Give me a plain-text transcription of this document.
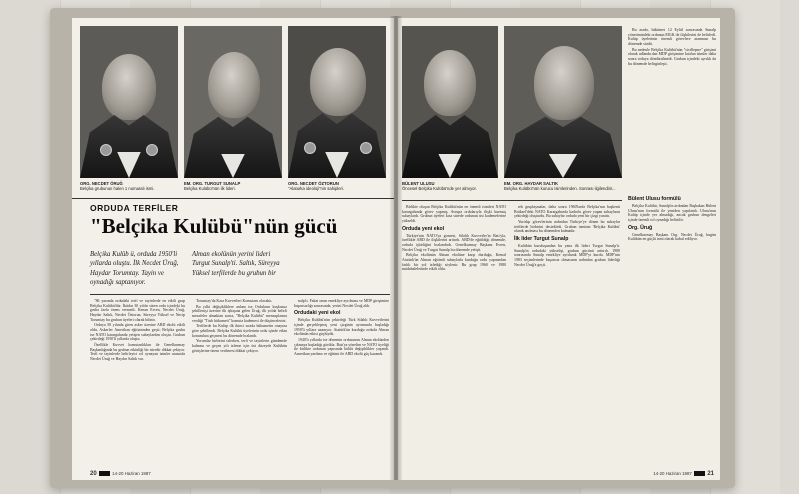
ORG. NECDET ÖRUĞ
Belçika grubunun halen 1 numaralı ismi.
EM. ORG. TURGUT SUNALP
Belçika Kulübü'nün ilk lideri.
ORG. NECDET ÖZTORUN
"Alaturka ideoloji"nin sahipleri.
ORDUDA TERFİLER
"Belçika Kulübü"nün gücü
Belçika Kulüb ü, orduda 1950'li yıllarda oluştu. İlk Necdet Üruğ, Haydar Torumtay. Tayin ve oynadığı saptanıyor.
Alman ekolünün yerini lideri Turgut Sunalp'ti. Saltık, Süreyya Yüksel terfilerde bu grubun bir

"86 yazında ordudaki terfi ve tayinlerde en etkili grup Belçika Kulübü'dür. İktidar 30 yıldır süren ordu içindeki bu gruba fazla önem vermedi. Kenan Evren, Necdet Üruğ, Haydar Saltık, Necdet Öztorun, Süreyya Yüksel ve Necip Torumtay bu grubun üyeleri olarak bilinir.

Orduya 50 yılında giren asker üzerine ABD ekolü etkili oldu. Askerler Amerikan eğitiminden geçti; Belçika grubu ise NATO karargahında yetişen subaylardan oluştu. Grubun çekirdeği 1950'li yıllarda oluştu.

Özellikle Kuvvet komutanlıkları ile Genelkurmay Başkanlığında bu grubun etkinliği bir süredir dikkat çekiyor. Terfi ve tayinlerde belirleyici rol oynayan isimler arasında Necdet Üruğ ve Haydar Saltık var.

Torumtay'da Kara Kuvvetleri Komutanı olacaktı.

Bu yılki değişikliklere anlam ise Orduların kuşkusuz şekillenişi üzerine ilk işbaşına gelen Üruğ, ilk yolda belirli mesafeler almaktan sonra, "Belçika Kulübü" mensuplarına verdiği "Türk hükumeti" komuta kademesi ile düşüncelerini.

Terfilerde bu Kulüp ilk ikinci sırada hükumetin onayına göre şekillendi. Belçika Kulübü üyelerinin ordu içinde etkin konumlara geçmesi bu dönemde hızlandı.

Yorumlar birbirini izlerken, terfi ve tayinlerin gündemde kalması ve geçen yılı izleme için üst düzeyde Kulübün görüşlerine önem verilmesi dikkat çekiyor.

nalp'ti. Fakat onun emekliye ayrılması ve MDP girişimine başarısızlığı sonrasında, yerini Necdet Üruğ aldı.

Ordudaki yeni ekol

Belçika Kulübü'nün çekirdeği Türk Silahlı Kuvvetlerini içinde gerçekleşmiş yeni çizginin ayrımında başladığı 1950'li yıllara uzanıyor. Atatürk'ün kurduğu orduda Alman ekolünün etkisi güçlüydü.

1940'lı yıllarda ise dönemin ordusunun Alman ekolünden çıkmaya başladığı görülür. Batı'ya yönelim ve NATO üyeliği ile birlikte ordunun yapısında köklü değişiklikler yaşandı. Amerikan yardımı ve eğitimi ile ABD ekolü güç kazandı.

20	14-20 Haziran 1987
BÜLENT ULUSU
Öncesel Belçika Kulübü'nde yer almıyor.
EM. ORG. HAYDAR SALTIK
Belçika Kulübü'nün kurucu isimlerinden. Sonrası ilgilendirir...

Bu arada, hükümet 12 Eylül sonrasında Sunalp yönetimindeki ordunun MGK ile ilişkilerini de belirledi. Kulüp üyelerinin önemli görevlere atanması bu dönemde sürdü.

Bu nedenle Belçika Kulübü'nün "sivilleşme" girişimi olarak adlandırılan MDP girişimine katılan isimler daha sonra orduya döndürülmedi. Grubun içindeki ayrılık da bu dönemde belirginleşti.

Birlikte oluşan Belçika Kulübü'nün en önemli isimleri NATO karargahında görev yapmış, Avrupa ordularıyla ilişki kurmuş subaylardı. Grubun üyeleri kısa sürede ordunun üst kademelerine yükseldi.

Orduda yeni ekol

Türkiye'nin NATO'ya girmesi, Silahlı Kuvvetler'in Batı'yla, özellikle ABD ile ilişkilerini arttırdı. ABD'de eğitildiği dönemde, orduda işbirliğini hızlandırdı. Genelkurmay Başkanı Evren, Necdet Üruğ ve Turgut Sunalp bu dönemde yetişti.

Belçika ekolünün Alman ekolüne karşı durduğu, Kemal Atatürk'ün Alman eğitimli subaylarla kurduğu ordu yapısından farklı bir yol izlediği söylenir. Bu grup 1960 ve 1980 müdahalelerinde etkili oldu.

rek gruplaşmalar, daha sonra 1960'larda Belçika'nın başkenti Brüksel'deki NATO Karargahında kadrolu görev yapan subayların çekirdeği oluşturdu. Bu subaylar orduda yeni bir çizgi yarattı.

Yurtdışı görevlerinin ardından Türkiye'ye dönen bu subaylar terfilerde birbirini destekledi. Grubun isminin 'Belçika Kulübü' olarak anılması bu dönemden kalmadır.

İlk lider Turgut Sunalp

Kulübün kuruluşundan bu yana ilk lideri Turgut Sunalp'ti. Sunalp'in ordudaki yükselişi, grubun gücünü arttırdı. 1980 sonrasında Sunalp emekliye ayrılarak MDP'yi kurdu. MDP'nin 1983 seçimlerinde başarısız olmasının ardından grubun liderliği Necdet Üruğ'a geçti.

Bülent Ulusu formülü

Belçika Kulübü, Sunalp'in ardından Başbakan Bülent Ulusu'nun formülü ile yeniden yapılandı. Ulusu'nun Kulüp içinde yer almadığı, ancak grubun dengeleri içinde önemli rol oynadığı belirtilir.

Org. Üruğ

Genelkurmay Başkanı Org. Necdet Üruğ, bugün Kulübün en güçlü ismi olarak kabul ediliyor.

14-20 Haziran 1987	21
